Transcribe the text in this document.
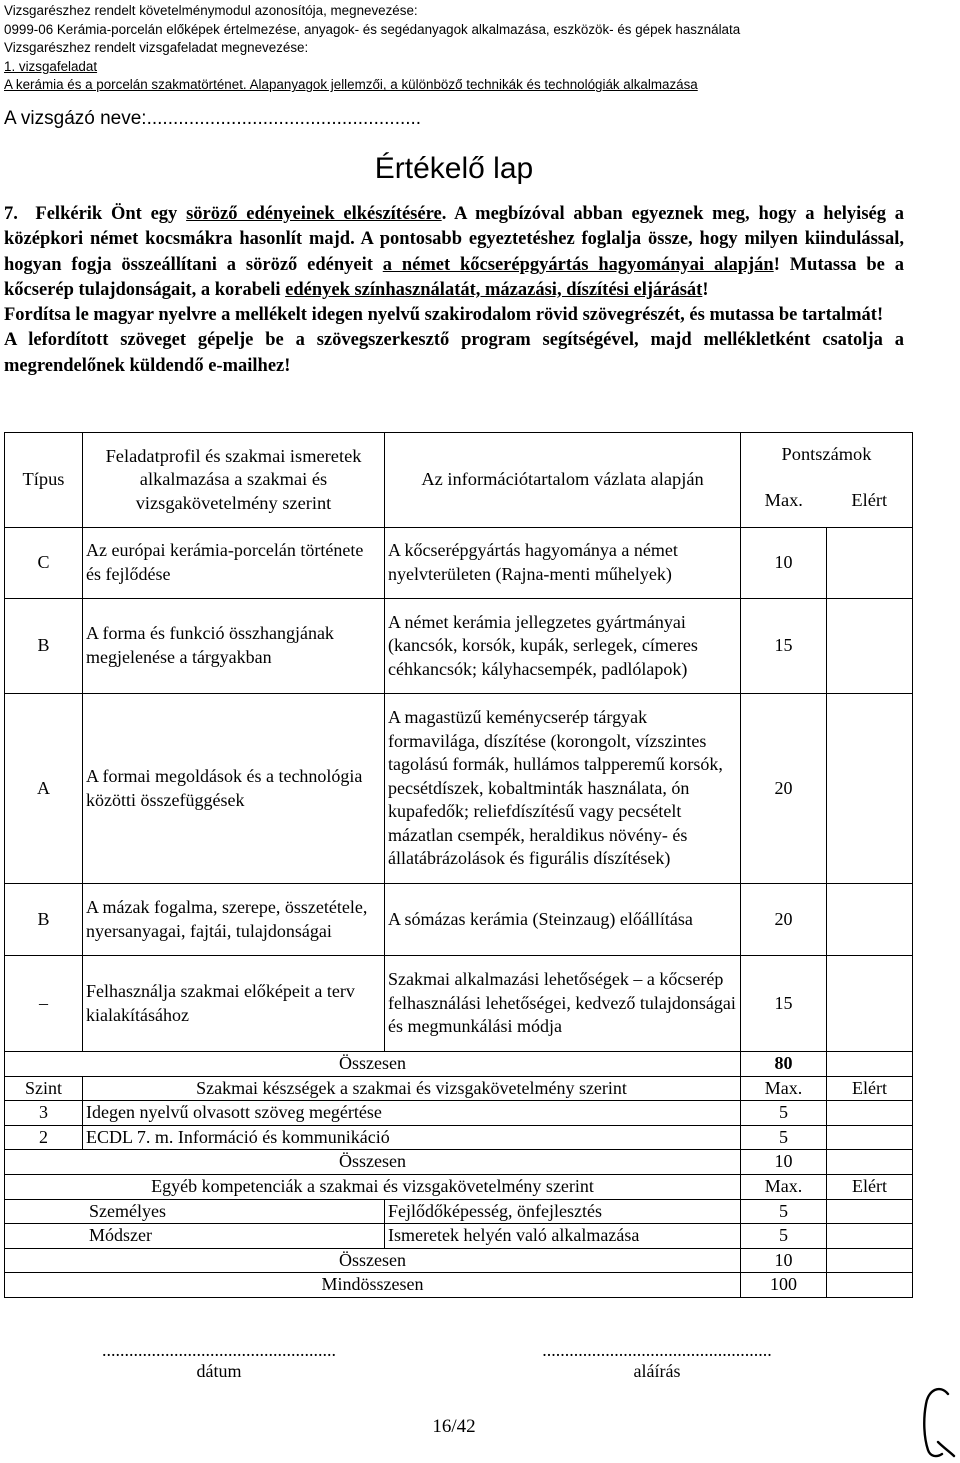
Vizsgarészhez rendelt követelménymodul azonosítója, megnevezése:
0999-06 Kerámia-porcelán előképek értelmezése, anyagok- és segédanyagok alkalmazása, eszközök- és gépek használata
Vizsgarészhez rendelt vizsgafeladat megnevezése:
1. vizsgafeladat
A kerámia és a porcelán szakmatörténet. Alapanyagok jellemzői, a különböző technikák és technológiák alkalmazása
A vizsgázó neve:....................................................
Értékelő lap

7.  Felkérik Önt egy söröző edényeinek elkészítésére. A megbízóval abban egyeznek meg, hogy a helyiség a középkori német kocsmákra hasonlít majd. A pontosabb egyeztetéshez foglalja össze, hogy milyen kiindulással, hogyan fogja összeállítani a söröző edényeit a német kőcserépgyártás hagyományai alapján! Mutassa be a kőcserép tulajdonságait, a korabeli edények színhasználatát, mázazási, díszítési eljárását!

Fordítsa le magyar nyelvre a mellékelt idegen nyelvű szakirodalom rövid szövegrészét, és mutassa be tartalmát!

A lefordított szöveget gépelje be a szövegszerkesztő program segítségével, majd mellékletként csatolja a megrendelőnek küldendő e-mailhez!

Típus	Feladatprofil és szakmai ismeretek alkalmazása a szakmai és vizsgakövetelmény szerint	Az információtartalom vázlata alapján	Pontszámok
Max. Elért	

C	Az európai kerámia-porcelán története és fejlődése	A kőcserépgyártás hagyománya a német nyelvterületen (Rajna-menti műhelyek)	10	
B	A forma és funkció összhangjának megjelenése a tárgyakban	A német kerámia jellegzetes gyártmányai (kancsók, korsók, kupák, serlegek, címeres céhkancsók; kályhacsempék, padlólapok)	15	
A	A formai megoldások és a technológia közötti összefüggések	A magastüzű keménycserép tárgyak formavilága, díszítése (korongolt, vízszintes tagolású formák, hullámos talpperemű korsók, pecsétdíszek, kobaltminták használata, ón kupafedők; reliefdíszítésű vagy pecsételt mázatlan csempék, heraldikus növény- és állatábrázolások és figurális díszítések)	20	
B	A mázak fogalma, szerepe, összetétele, nyersanyagai, fajtái, tulajdonságai	A sómázas kerámia (Steinzaug) előállítása	20	
–	Felhasználja szakmai előképeit a terv kialakításához	Szakmai alkalmazási lehetőségek – a kőcserép felhasználási lehetőségei, kedvező tulajdonságai és megmunkálási módja	15	
Összesen			80	
Szint	Szakmai készségek a szakmai és vizsgakövetelmény szerint		Max.	Elért
3	Idegen nyelvű olvasott szöveg megértése		5	
2	ECDL 7. m. Információ és kommunikáció		5	
Összesen			10	
Egyéb kompetenciák a szakmai és vizsgakövetelmény szerint			Max.	Elért
Személyes		Fejlődőképesség, önfejlesztés	5	
Módszer		Ismeretek helyén való alkalmazása	5	
Összesen			10	
Mindösszesen			100	
....................................................
dátum
...................................................
aláírás
16/42
